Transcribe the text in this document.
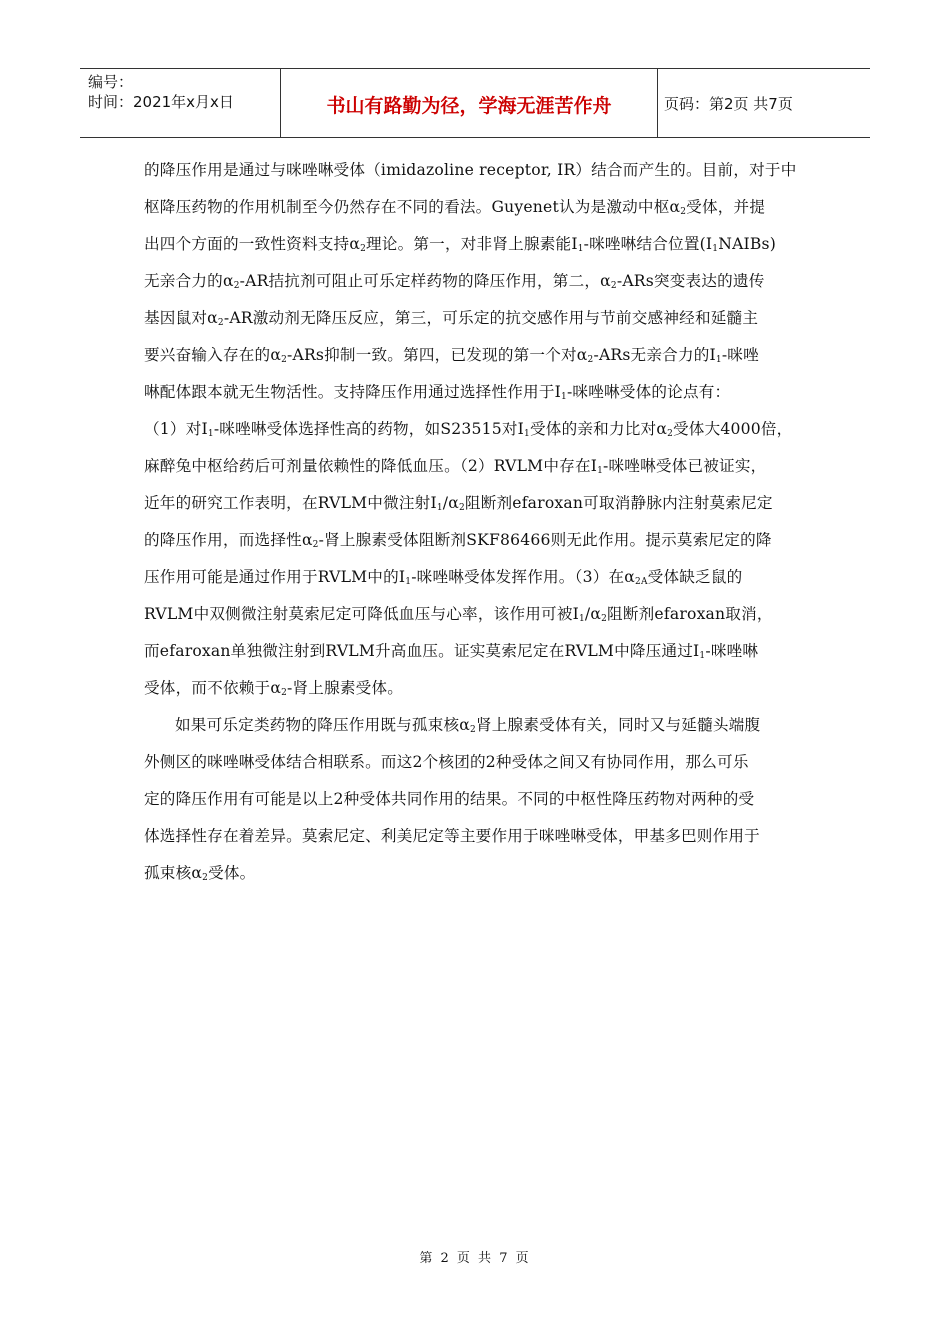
编号：
时间：2021年x月x日	书山有路勤为径，学海无涯苦作舟	页码：第2页 共7页
的降压作用是通过与咪唑啉受体（imidazoline receptor, IR）结合而产生的。目前，对于中
枢降压药物的作用机制至今仍然存在不同的看法。Guyenet认为是激动中枢$\alpha_2$受体，并提
出四个方面的一致性资料支持$\alpha_2$理论。第一，对非肾上腺素能$I_1-$咪唑啉结合位置$(I_1NAIBs)$
无亲合力的$\alpha_2-AR$拮抗剂可阻止可乐定样药物的降压作用，第二，$\alpha_2$-ARs突变表达的遗传
基因鼠对$\alpha_2-AR$激动剂无降压反应，第三，可乐定的抗交感作用与节前交感神经和延髓主
要兴奋输入存在的$\alpha_2$-ARs抑制一致。第四，已发现的第一个对$\alpha_2$-ARs无亲合力的$I_1-$咪唑
啉配体跟本就无生物活性。支持降压作用通过选择性作用于$I_1-$咪唑啉受体的论点有：
（1）对$I_1-$咪唑啉受体选择性高的药物，如S23515对$I_1$受体的亲和力比对$\alpha_2$受体大4000倍，
麻醉兔中枢给药后可剂量依赖性的降低血压。（2）RVLM中存在$I_1-$咪唑啉受体已被证实，
近年的研究工作表明，在RVLM中微注射$I_1/\alpha_2$阻断剂efaroxan可取消静脉内注射莫索尼定
的降压作用，而选择性$\alpha_2-$肾上腺素受体阻断剂SKF86466则无此作用。提示莫索尼定的降
压作用可能是通过作用于RVLM中的$I_1-$咪唑啉受体发挥作用。（3）在$\alpha_{2A}$受体缺乏鼠的
RVLM中双侧微注射莫索尼定可降低血压与心率，该作用可被$I_1/\alpha_2$阻断剂efaroxan取消，
而efaroxan单独微注射到RVLM升高血压。证实莫索尼定在RVLM中降压通过$I_1-$咪唑啉
受体，而不依赖于$\alpha_2-$肾上腺素受体。
如果可乐定类药物的降压作用既与孤束核$\alpha_2$肾上腺素受体有关，同时又与延髓头端腹
外侧区的咪唑啉受体结合相联系。而这2个核团的2种受体之间又有协同作用，那么可乐
定的降压作用有可能是以上2种受体共同作用的结果。不同的中枢性降压药物对两种的受
体选择性存在着差异。莫索尼定、利美尼定等主要作用于咪唑啉受体，甲基多巴则作用于
孤束核$\alpha_2$受体。
第 2 页 共 7 页
